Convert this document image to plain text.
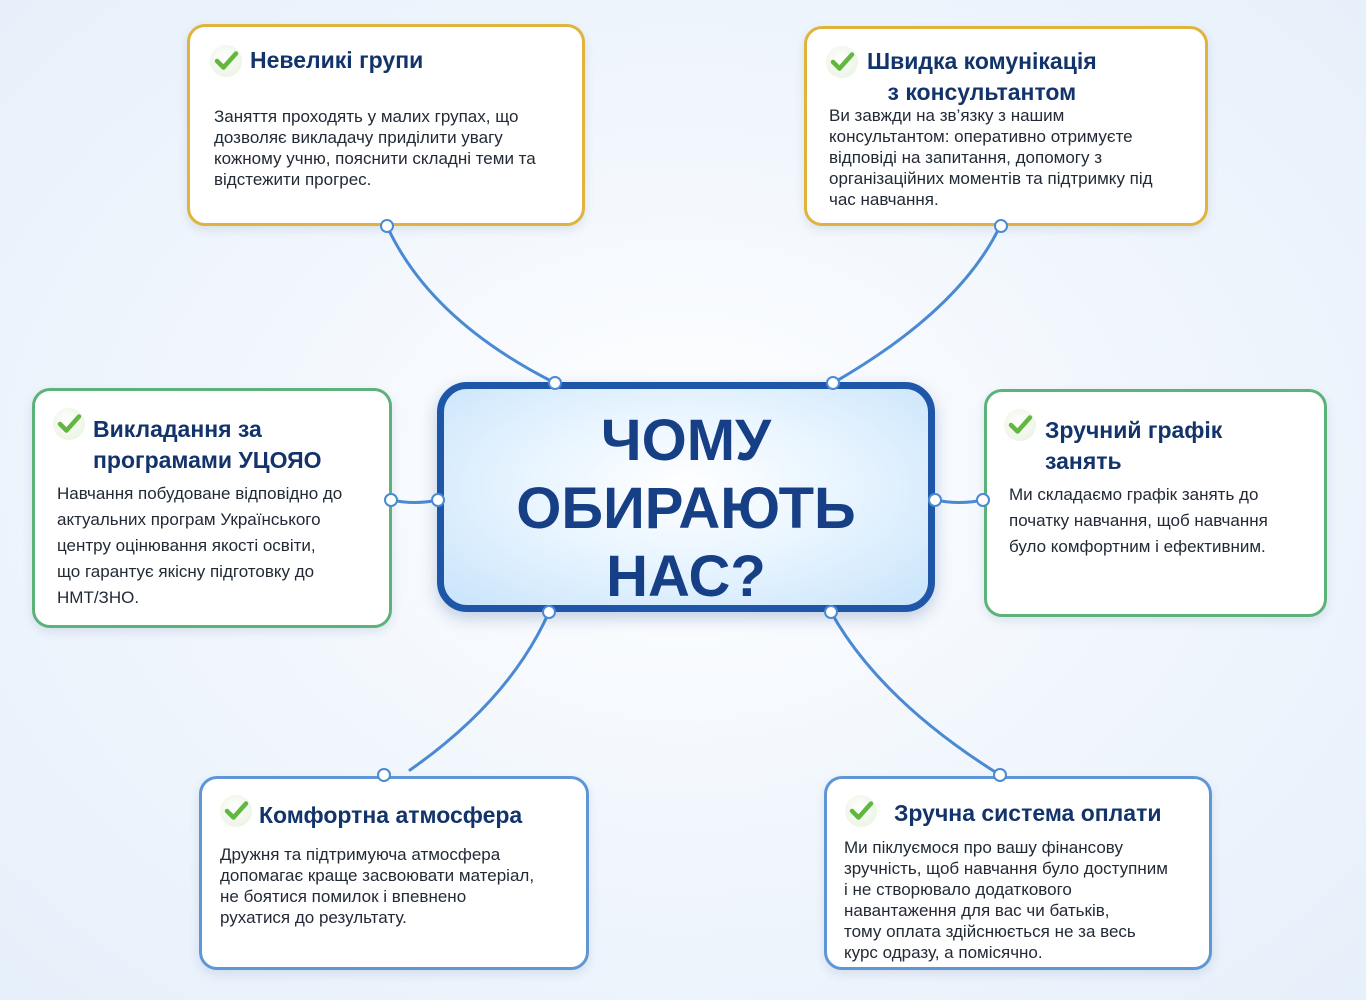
ЧОМУ
ОБИРАЮТЬ
НАС?
Невеликі групи
Заняття проходять у малих групах, що
дозволяє викладачу приділити увагу
кожному учню, пояснити складні теми та
відстежити прогрес.
Швидка комунікація
з консультантом
Ви завжди на зв’язку з нашим
консультантом: оперативно отримуєте
відповіді на запитання, допомогу з
організаційних моментів та підтримку під
час навчання.
Викладання за
програмами УЦОЯО
Навчання побудоване відповідно до
актуальних програм Українського
центру оцінювання якості освіти,
що гарантує якісну підготовку до
НМТ/ЗНО.
Зручний графік
занять
Ми складаємо графік занять до
початку навчання, щоб навчання
було комфортним і ефективним.
Комфортна атмосфера
Дружня та підтримуюча атмосфера
допомагає краще засвоювати матеріал,
не боятися помилок і впевнено
рухатися до результату.
Зручна система оплати
Ми піклуємося про вашу фінансову
зручність, щоб навчання було доступним
і не створювало додаткового
навантаження для вас чи батьків,
тому оплата здійснюється не за весь
курс одразу, а помісячно.
